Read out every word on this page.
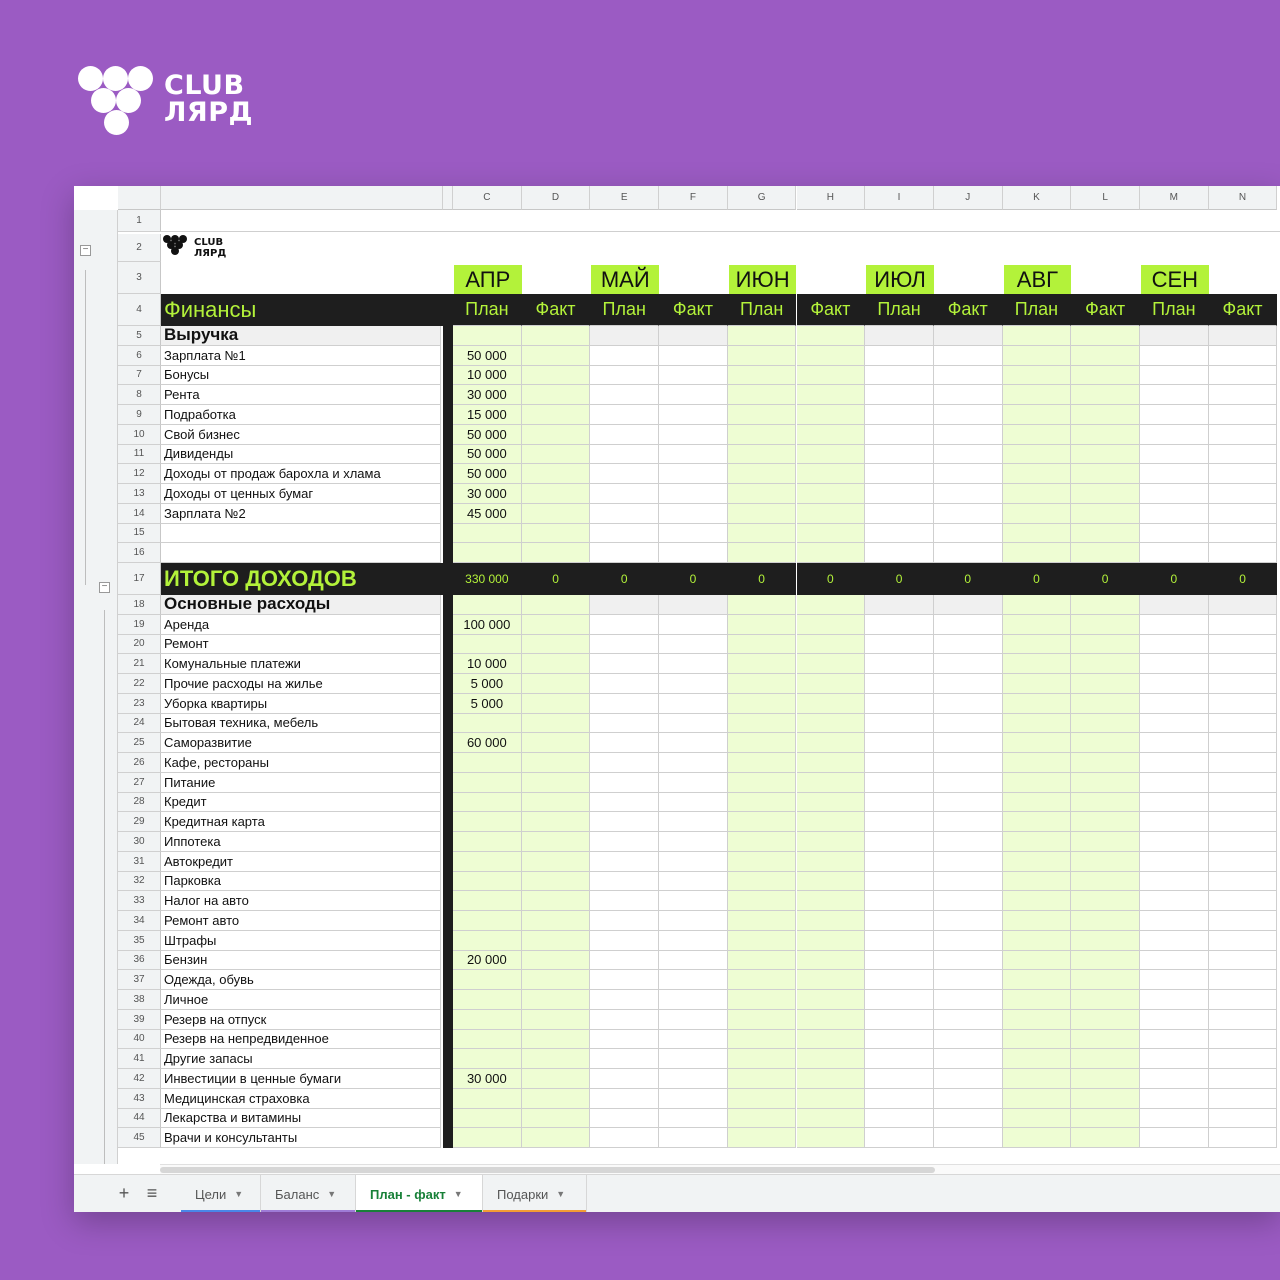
CLUB
ЛЯРД
−
−
C	D	E	F	G	H	I	J	K	L	M	N
1
2	CLUB
ЛЯРД
3	АПР	МАЙ	ИЮН	ИЮЛ	АВГ	СЕН
4	Финансы	План	Факт	План	Факт	План	Факт	План	Факт	План	Факт	План	Факт
5	Выручка
6	Зарплата №1	50 000
7	Бонусы	10 000
8	Рента	30 000
9	Подработка	15 000
10	Свой бизнес	50 000
11	Дивиденды	50 000
12	Доходы от продаж барохла и хлама	50 000
13	Доходы от ценных бумаг	30 000
14	Зарплата №2	45 000
15
16
17 ИТОГО ДОХОДОВ	330 000	0	0	0	0	0	0	0	0	0	0	0
18	Основные расходы
19	Аренда	100 000
20	Ремонт
21	Комунальные платежи	10 000
22	Прочие расходы на жилье	5 000
23	Уборка квартиры	5 000
24	Бытовая техника, мебель
25	Саморазвитие	60 000
26	Кафе, рестораны
27	Питание
28	Кредит
29	Кредитная карта
30	Иппотека
31	Автокредит
32	Парковка
33	Налог на авто
34	Ремонт авто
35	Штрафы
36	Бензин	20 000
37	Одежда, обувь
38	Личное
39	Резерв на отпуск
40	Резерв на непредвиденное
41	Другие запасы
42	Инвестиции в ценные бумаги	30 000
43	Медицинская страховка
44	Лекарства и витамины
45	Врачи и консультанты
+ ≡	Цели ▼ Баланс ▼	План - факт ▼	Подарки ▼
